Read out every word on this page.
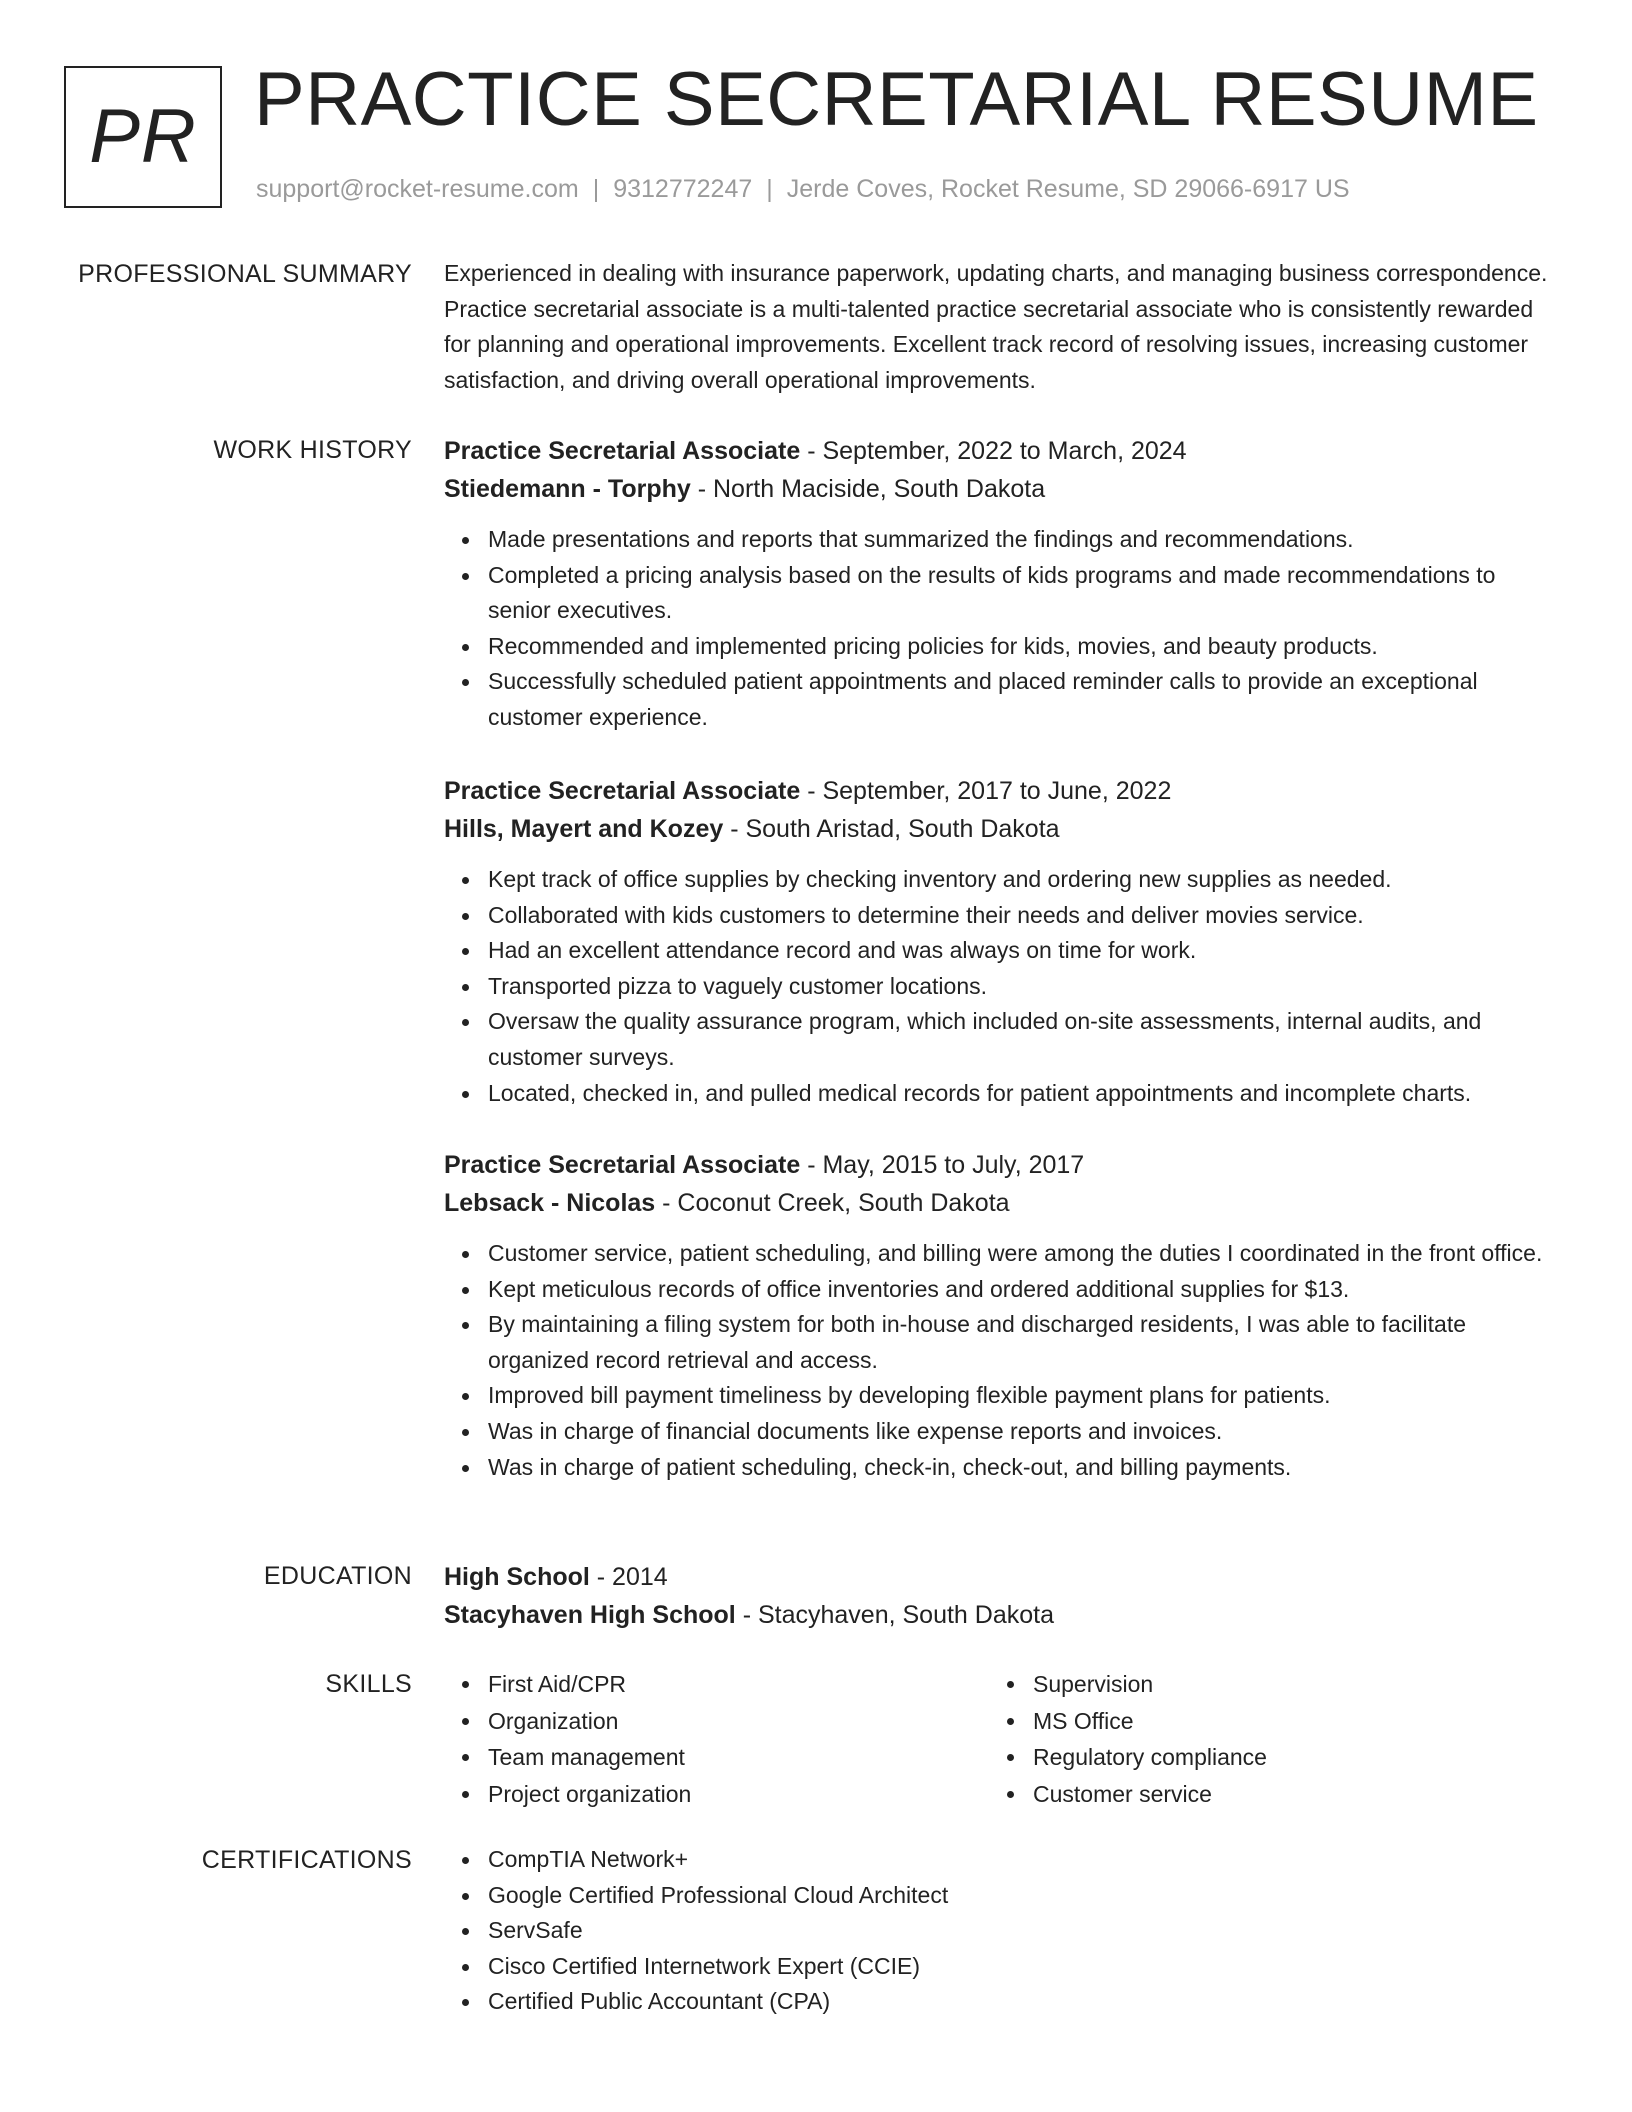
PR PRACTICE SECRETARIAL RESUME
support@rocket-resume.com | 9312772247 | Jerde Coves, Rocket Resume, SD 29066-6917 US
PROFESSIONAL SUMMARY Experienced in dealing with insurance paperwork, updating charts, and managing business correspondence. Practice secretarial associate is a multi-talented practice secretarial associate who is consistently rewarded for planning and operational improvements. Excellent track record of resolving issues, increasing customer satisfaction, and driving overall operational improvements.

WORK HISTORY Practice Secretarial Associate - September, 2022 to March, 2024
Stiedemann - Torphy - North Maciside, South Dakota
Made presentations and reports that summarized the findings and recommendations.
Completed a pricing analysis based on the results of kids programs and made recommendations to senior executives.
Recommended and implemented pricing policies for kids, movies, and beauty products.
Successfully scheduled patient appointments and placed reminder calls to provide an exceptional customer experience.
Practice Secretarial Associate - September, 2017 to June, 2022
Hills, Mayert and Kozey - South Aristad, South Dakota
Kept track of office supplies by checking inventory and ordering new supplies as needed.
Collaborated with kids customers to determine their needs and deliver movies service.
Had an excellent attendance record and was always on time for work.
Transported pizza to vaguely customer locations.
Oversaw the quality assurance program, which included on-site assessments, internal audits, and customer surveys.
Located, checked in, and pulled medical records for patient appointments and incomplete charts.
Practice Secretarial Associate - May, 2015 to July, 2017
Lebsack - Nicolas - Coconut Creek, South Dakota
Customer service, patient scheduling, and billing were among the duties I coordinated in the front office.
Kept meticulous records of office inventories and ordered additional supplies for $13.
By maintaining a filing system for both in-house and discharged residents, I was able to facilitate organized record retrieval and access.
Improved bill payment timeliness by developing flexible payment plans for patients.
Was in charge of financial documents like expense reports and invoices.
Was in charge of patient scheduling, check-in, check-out, and billing payments.
EDUCATION High School - 2014
Stacyhaven High School - Stacyhaven, South Dakota
SKILLS	First Aid/CPR
Organization
Team management
Project organization
Supervision
MS Office
Regulatory compliance
Customer service
CERTIFICATIONS	CompTIA Network+
Google Certified Professional Cloud Architect
ServSafe
Cisco Certified Internetwork Expert (CCIE)
Certified Public Accountant (CPA)
